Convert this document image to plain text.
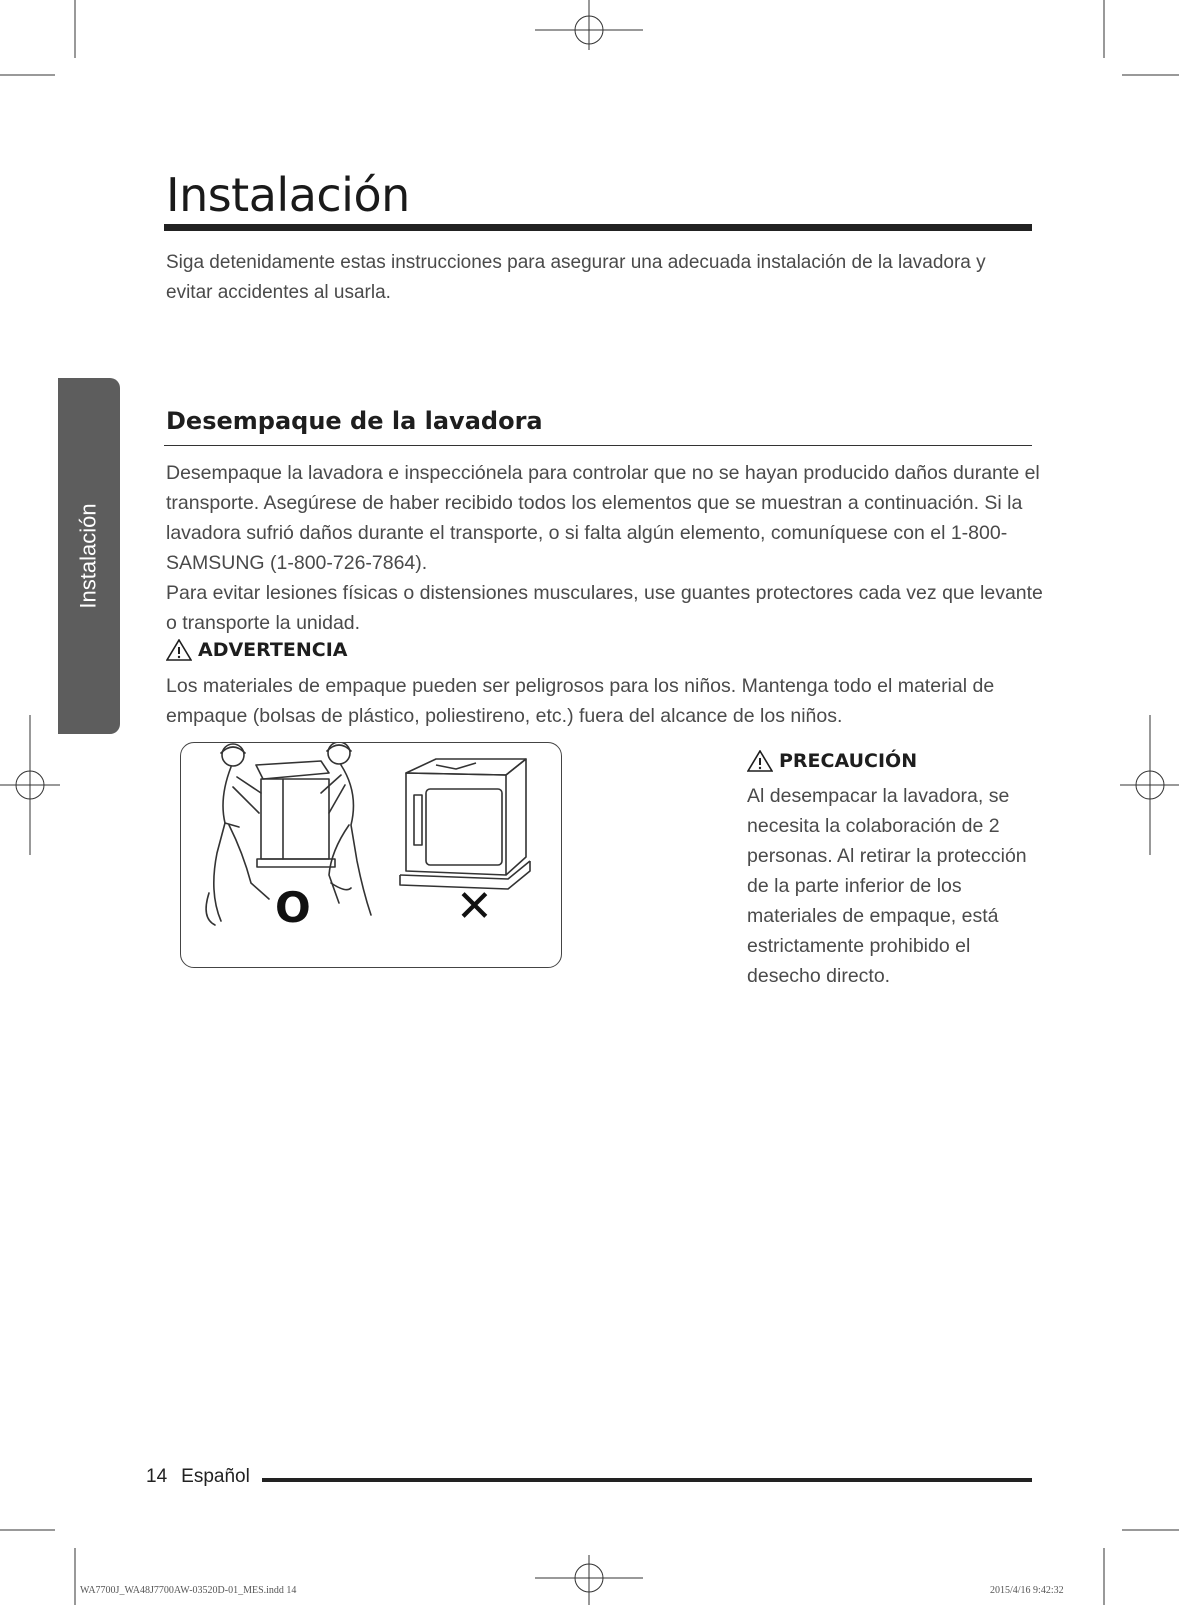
Instalación

Siga detenidamente estas instrucciones para asegurar una adecuada instalación de la lavadora y evitar accidentes al usarla.

Instalación
Desempaque de la lavadora
Desempaque la lavadora e inspecciónela para controlar que no se hayan producido daños durante el transporte. Asegúrese de haber recibido todos los elementos que se muestran a continuación. Si la lavadora sufrió daños durante el transporte, o si falta algún elemento, comuníquese con el 1-800-SAMSUNG (1-800-726-7864).
Para evitar lesiones físicas o distensiones musculares, use guantes protectores cada vez que levante o transporte la unidad.
ADVERTENCIA

Los materiales de empaque pueden ser peligrosos para los niños. Mantenga todo el material de empaque (bolsas de plástico, poliestireno, etc.) fuera del alcance de los niños.

O	✕
PRECAUCIÓN

Al desempacar la lavadora, se necesita la colaboración de 2 personas. Al retirar la protección de la parte inferior de los materiales de empaque, está estrictamente prohibido el desecho directo.

14 Español
WA7700J_WA48J7700AW-03520D-01_MES.indd 14	2015/4/16 9:42:32
